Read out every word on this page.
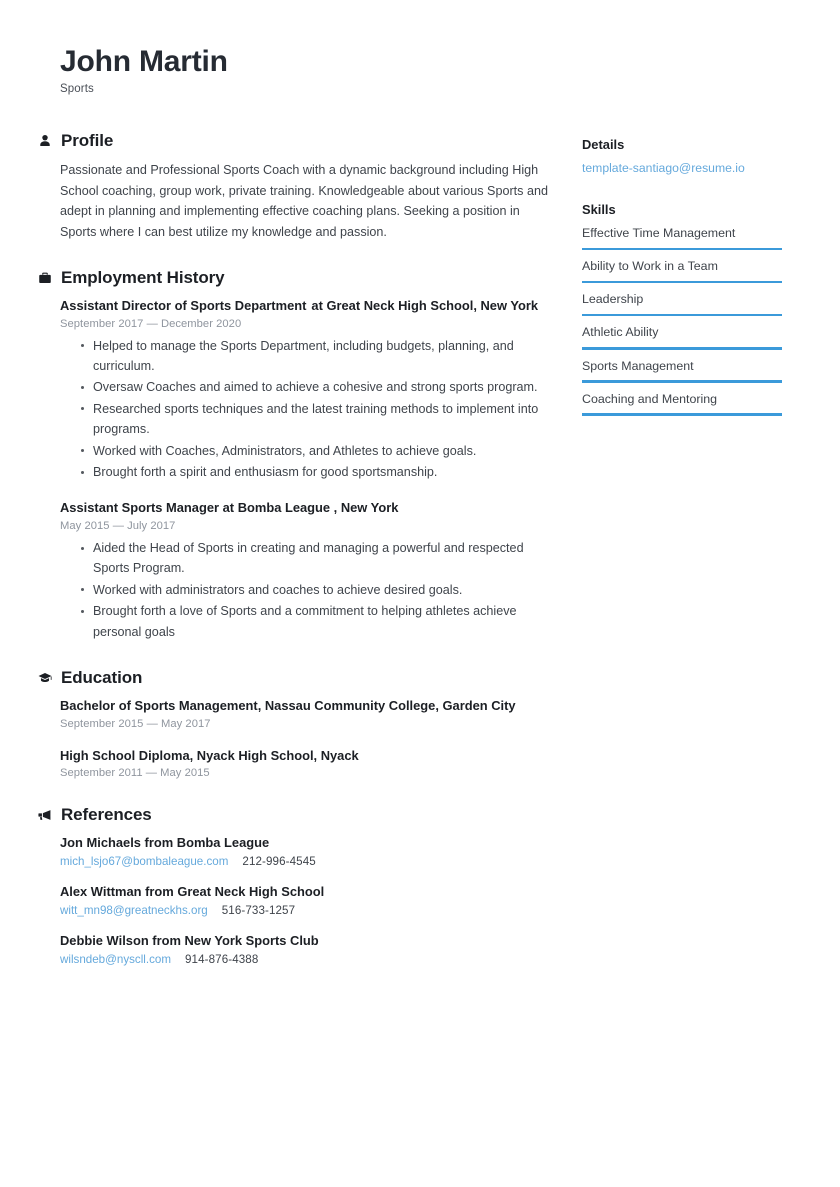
John Martin
Sports
Profile

Passionate and Professional Sports Coach with a dynamic background including High School coaching, group work, private training. Knowledgeable about various Sports and adept in planning and implementing effective coaching plans. Seeking a position in Sports where I can best utilize my knowledge and passion.

Employment History
Assistant Director of Sports Department at Great Neck High School, New York
September 2017 — December 2020
Helped to manage the Sports Department, including budgets, planning, and curriculum.
Oversaw Coaches and aimed to achieve a cohesive and strong sports program.
Researched sports techniques and the latest training methods to implement into programs.
Worked with Coaches, Administrators, and Athletes to achieve goals.
Brought forth a spirit and enthusiasm for good sportsmanship.
Assistant Sports Manager at Bomba League , New York
May 2015 — July 2017
Aided the Head of Sports in creating and managing a powerful and respected Sports Program.
Worked with administrators and coaches to achieve desired goals.
Brought forth a love of Sports and a commitment to helping athletes achieve personal goals
Education
Bachelor of Sports Management, Nassau Community College, Garden City
September 2015 — May 2017
High School Diploma, Nyack High School, Nyack
September 2011 — May 2015
References
Jon Michaels from Bomba League
mich_lsjo67@bombaleague.com 212-996-4545
Alex Wittman from Great Neck High School
witt_mn98@greatneckhs.org 516-733-1257
Debbie Wilson from New York Sports Club
wilsndeb@nyscll.com 914-876-4388
Details
template-santiago@resume.io
Skills
Effective Time Management
Ability to Work in a Team
Leadership
Athletic Ability
Sports Management
Coaching and Mentoring
